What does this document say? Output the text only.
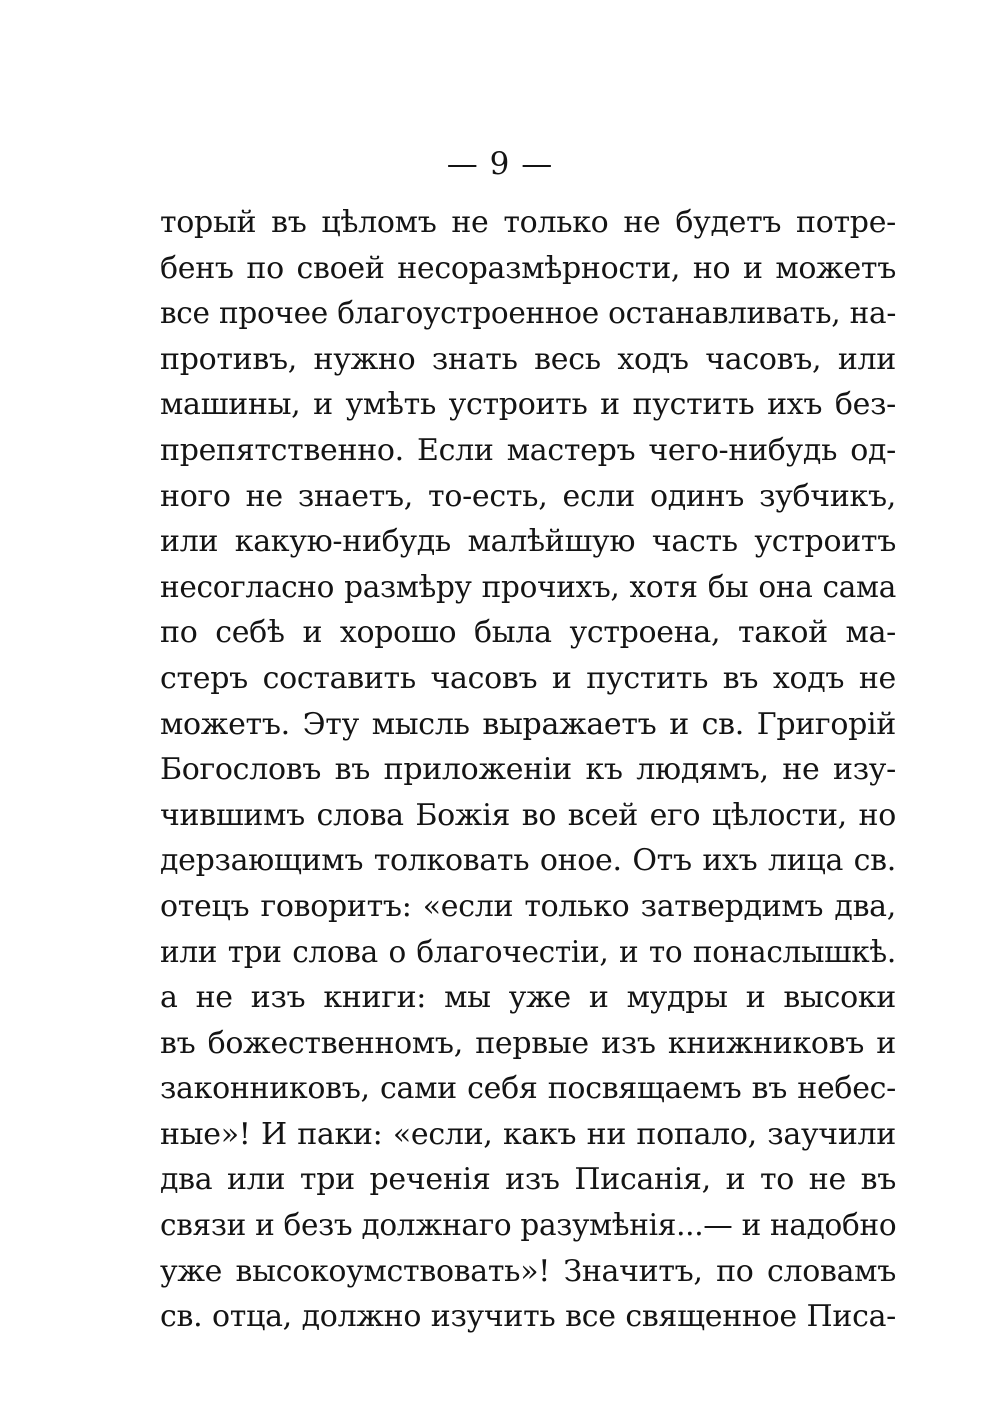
— 9 —
торый въ цѣломъ не только не будетъ потре-
бенъ по своей несоразмѣрности, но и можетъ
все прочее благоустроенное останавливать, на-
противъ, нужно знать весь ходъ часовъ, или
машины, и умѣть устроить и пустить ихъ без-
препятственно. Если мастеръ чего-нибудь од-
ного не знаетъ, то-есть, если одинъ зубчикъ,
или какую-нибудь малѣйшую часть устроитъ
несогласно размѣру прочихъ, хотя бы она сама
по себѣ и хорошо была устроена, такой ма-
стеръ составить часовъ и пустить въ ходъ не
можетъ. Эту мысль выражаетъ и св. Григорій
Богословъ въ приложенiи къ людямъ, не изу-
чившимъ слова Божія во всей его цѣлости, но
дерзающимъ толковать оное. Отъ ихъ лица св.
отецъ говоритъ: «если только затвердимъ два,
или три слова о благочестiи, и то понаслышкѣ.
а не изъ книги: мы уже и мудры и высоки
въ божественномъ, первые изъ книжниковъ и
законниковъ, сами себя посвящаемъ въ небес-
ные»! И паки: «если, какъ ни попало, заучили
два или три реченія изъ Писанія, и то не въ
связи и безъ должнаго разумѣнія...— и надобно
уже высокоумствовать»! Значитъ, по словамъ
св. отца, должно изучить все священное Писа-
